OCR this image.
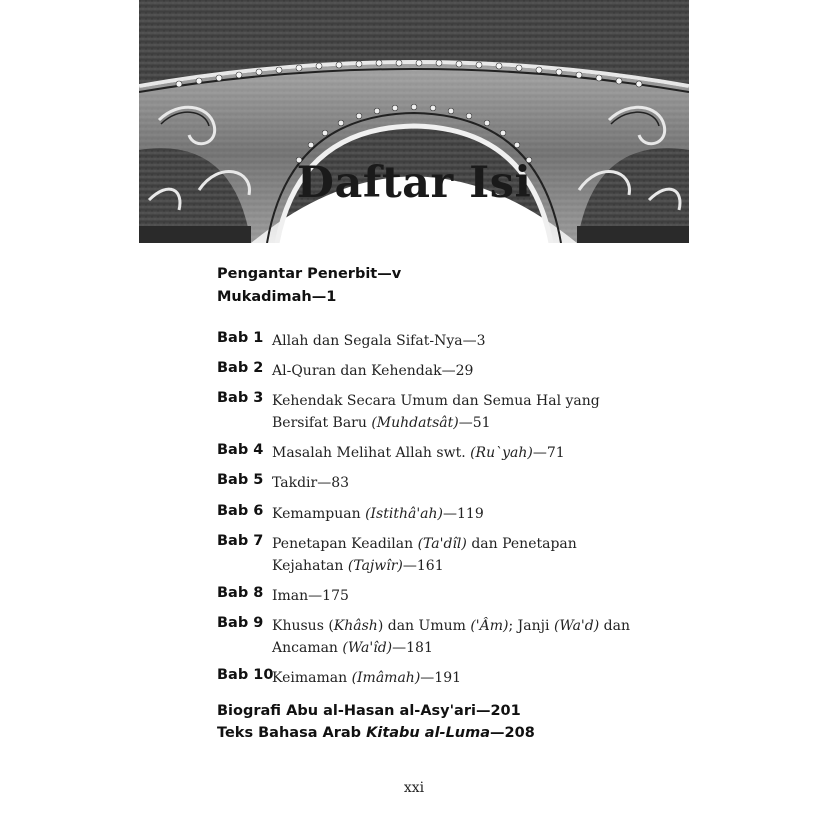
Daftar Isi
Pengantar Penerbit—v
Mukadimah—1
Bab 1 Allah dan Segala Sifat-Nya—3
Bab 2 Al-Quran dan Kehendak—29
Bab 3 Kehendak Secara Umum dan Semua Hal yang Bersifat Baru (Muhdatsât)—51
Bab 4 Masalah Melihat Allah swt. (Ru`yah)—71
Bab 5 Takdir—83
Bab 6 Kemampuan (Istithâ'ah)—119
Bab 7 Penetapan Keadilan (Ta'dîl) dan Penetapan Kejahatan (Tajwîr)—161
Bab 8 Iman—175
Bab 9 Khusus (Khâsh) dan Umum ('Âm); Janji (Wa'd) dan Ancaman (Wa'îd)—181
Bab 10
Keimaman (Imâmah)—191
Biografi Abu al-Hasan al-Asy'ari—201
Teks Bahasa Arab Kitabu al-Luma—208
xxi
